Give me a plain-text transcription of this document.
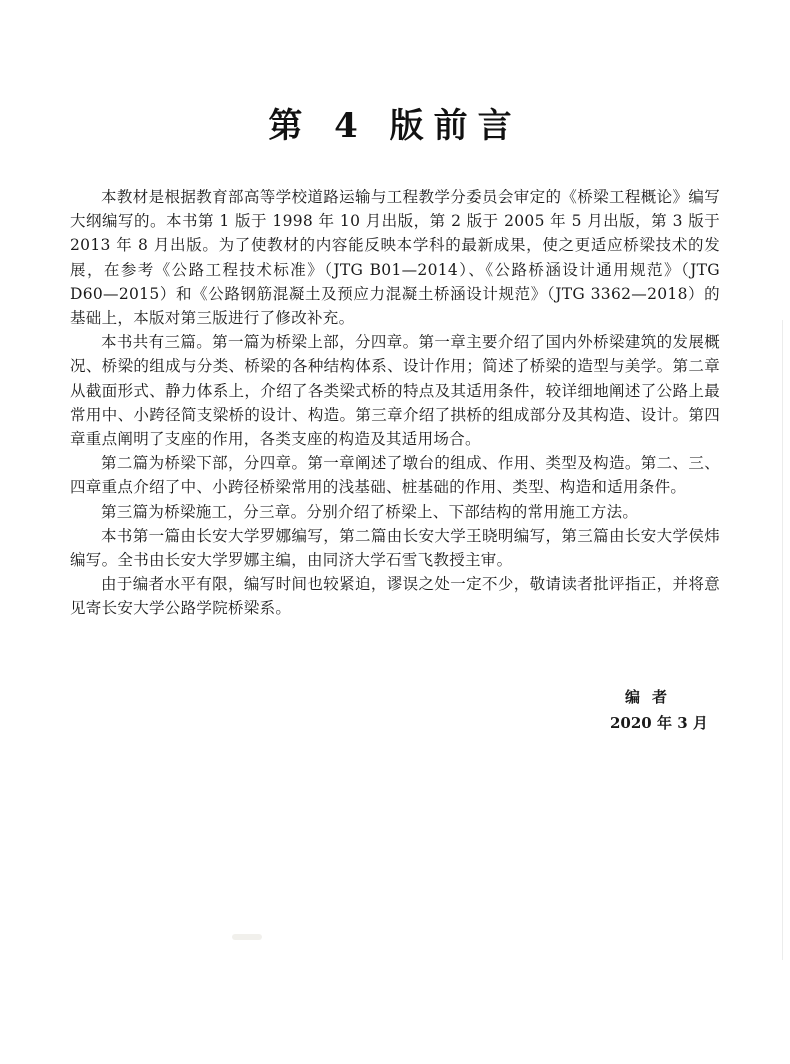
第 4 版前言

本教材是根据教育部高等学校道路运输与工程教学分委员会审定的《桥梁工程概论》编写大纲编写的。本书第 1 版于 1998 年 10 月出版，第 2 版于 2005 年 5 月出版，第 3 版于 2013 年 8 月出版。为了使教材的内容能反映本学科的最新成果，使之更适应桥梁技术的发展，在参考《公路工程技术标准》（JTG B01—2014）、《公路桥涵设计通用规范》（JTG D60—2015）和《公路钢筋混凝土及预应力混凝土桥涵设计规范》（JTG 3362—2018）的基础上，本版对第三版进行了修改补充。

本书共有三篇。第一篇为桥梁上部，分四章。第一章主要介绍了国内外桥梁建筑的发展概况、桥梁的组成与分类、桥梁的各种结构体系、设计作用；简述了桥梁的造型与美学。第二章从截面形式、静力体系上，介绍了各类梁式桥的特点及其适用条件，较详细地阐述了公路上最常用中、小跨径简支梁桥的设计、构造。第三章介绍了拱桥的组成部分及其构造、设计。第四章重点阐明了支座的作用，各类支座的构造及其适用场合。

第二篇为桥梁下部，分四章。第一章阐述了墩台的组成、作用、类型及构造。第二、三、四章重点介绍了中、小跨径桥梁常用的浅基础、桩基础的作用、类型、构造和适用条件。

第三篇为桥梁施工，分三章。分别介绍了桥梁上、下部结构的常用施工方法。

本书第一篇由长安大学罗娜编写，第二篇由长安大学王晓明编写，第三篇由长安大学侯炜编写。全书由长安大学罗娜主编，由同济大学石雪飞教授主审。

由于编者水平有限，编写时间也较紧迫，谬误之处一定不少，敬请读者批评指正，并将意见寄长安大学公路学院桥梁系。

编者
2020 年 3 月
